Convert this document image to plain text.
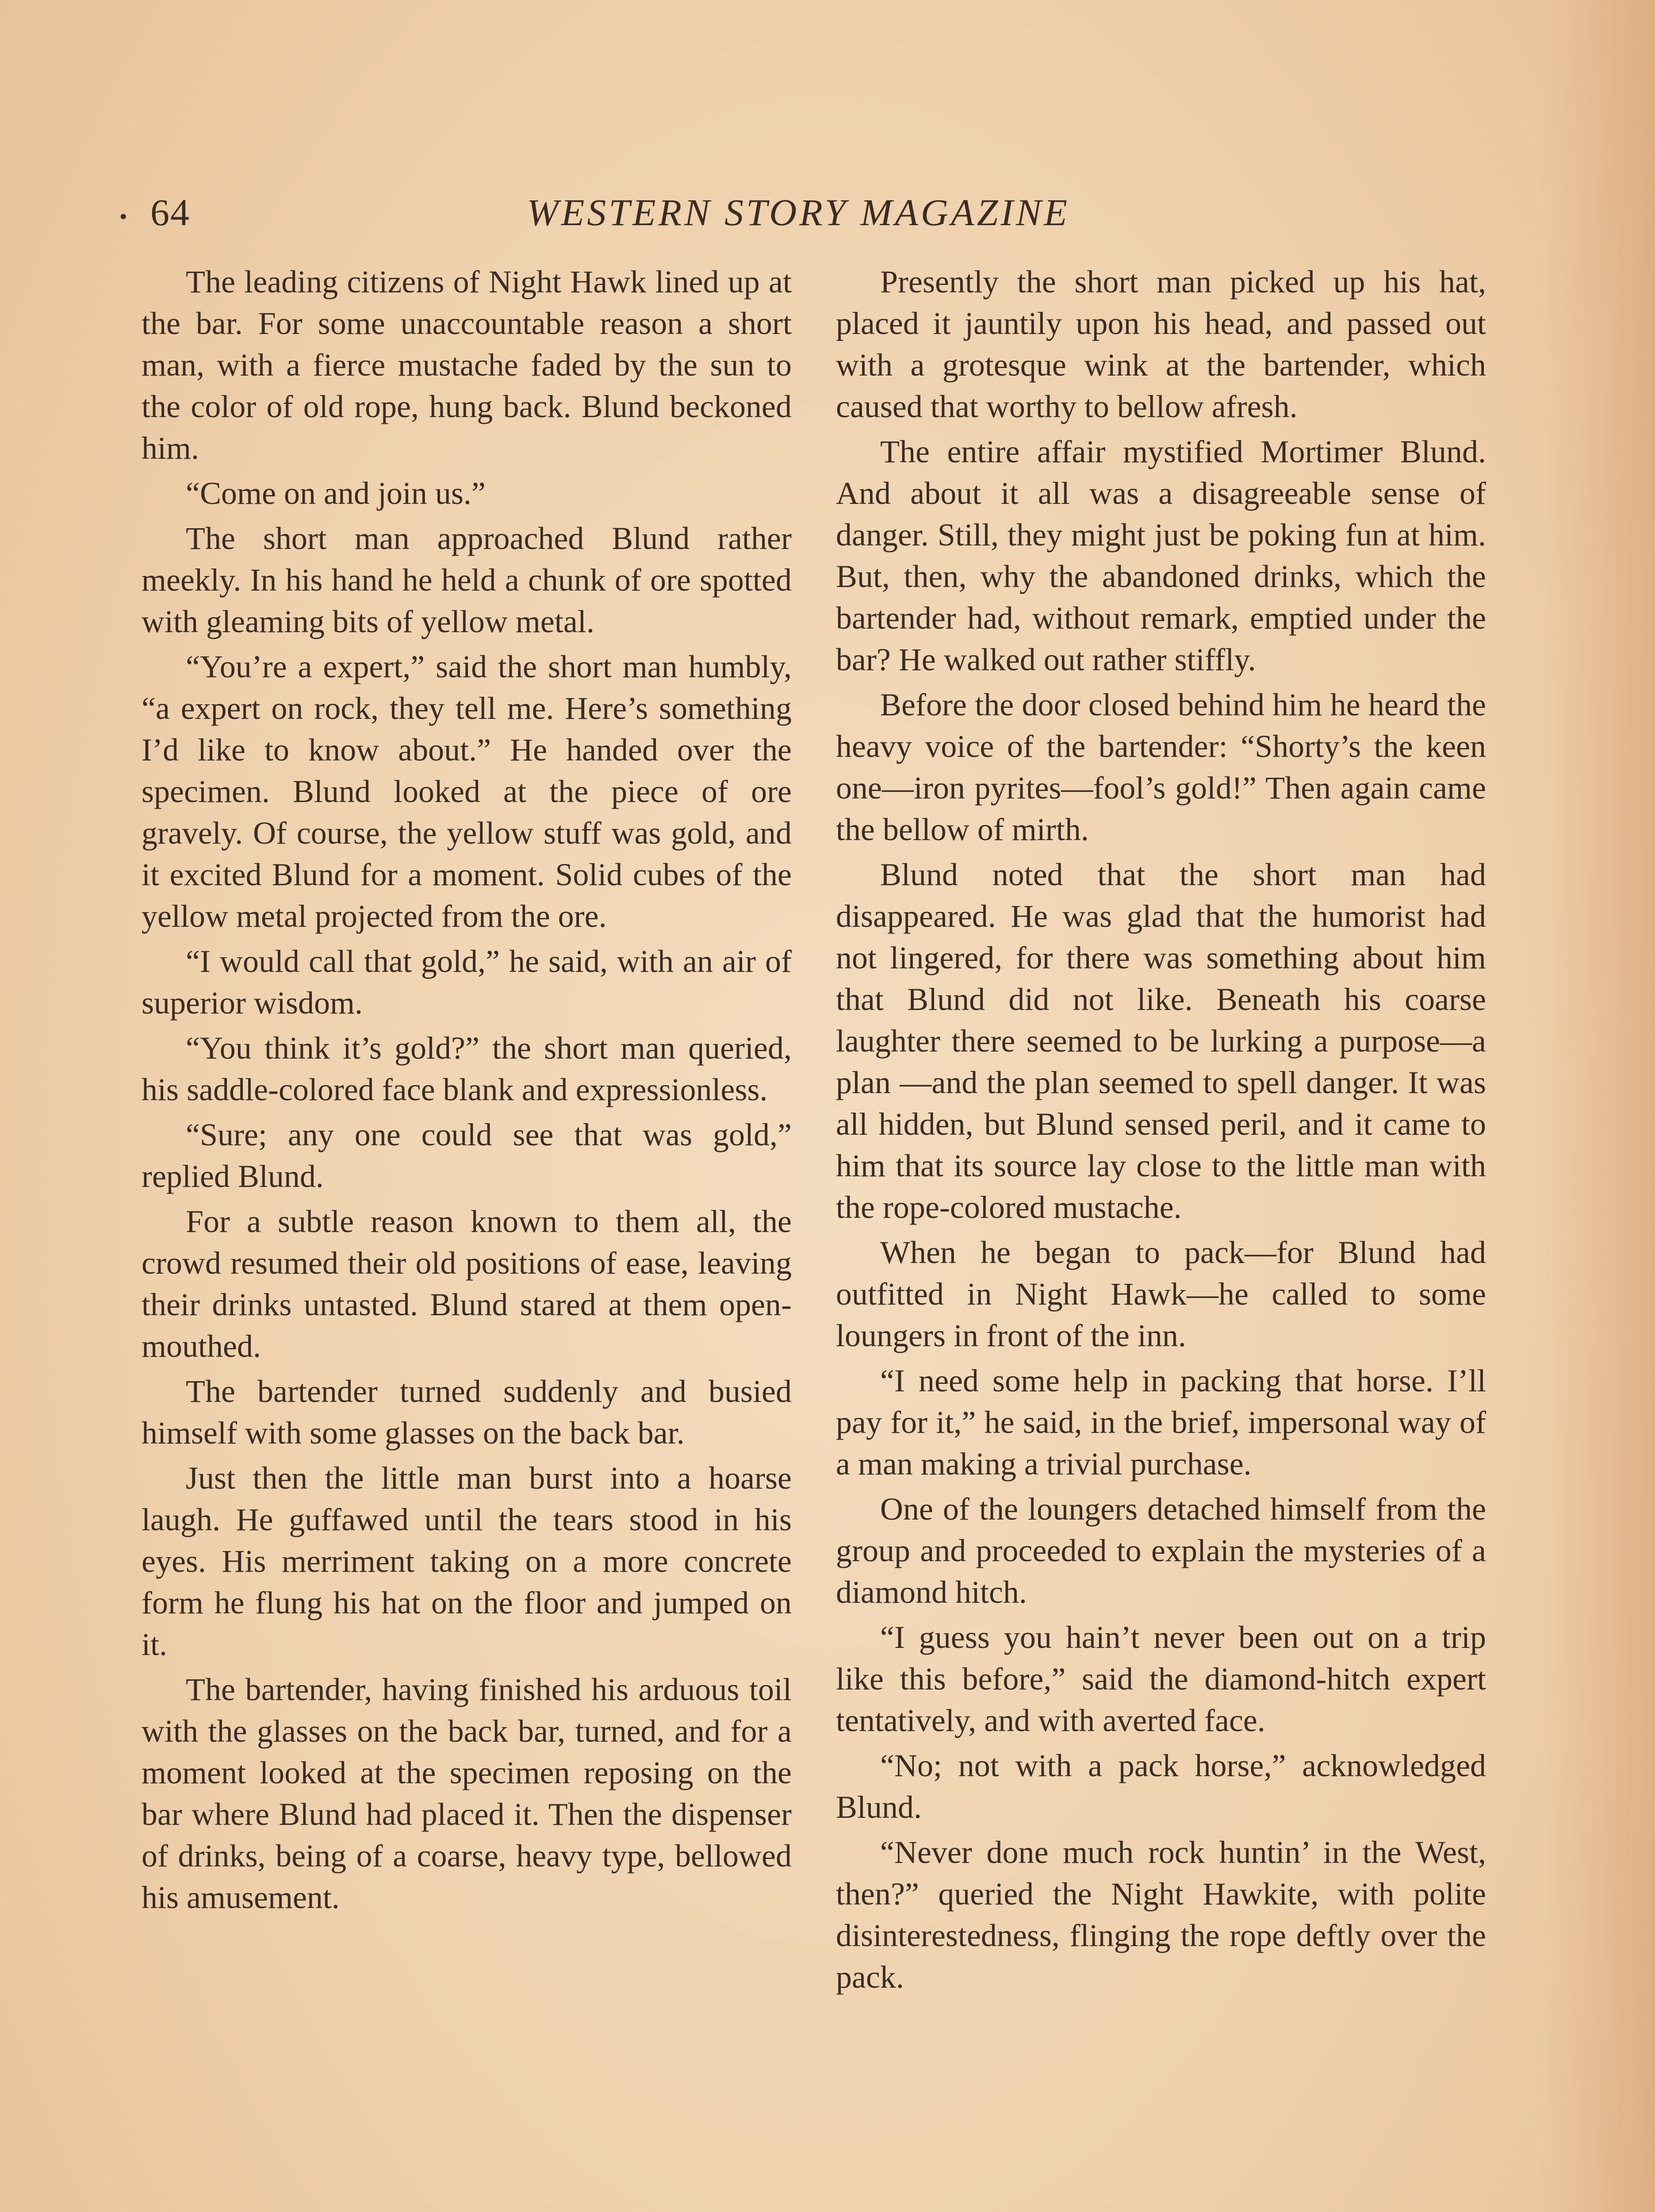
• 64	WESTERN STORY MAGAZINE

The leading citizens of Night Hawk lined up at the bar. For some unaccountable reason a short man, with a fierce mustache faded by the sun to the color of old rope, hung back. Blund beckoned him.

“Come on and join us.”

The short man approached Blund rather meekly. In his hand he held a chunk of ore spotted with gleaming bits of yellow metal.

“You’re a expert,” said the short man humbly, “a expert on rock, they tell me. Here’s something I’d like to know about.” He handed over the specimen. Blund looked at the piece of ore gravely. Of course, the yellow stuff was gold, and it excited Blund for a moment. Solid cubes of the yellow metal projected from the ore.

“I would call that gold,” he said, with an air of superior wisdom.

“You think it’s gold?” the short man queried, his saddle-colored face blank and expressionless.

“Sure; any one could see that was gold,” replied Blund.

For a subtle reason known to them all, the crowd resumed their old positions of ease, leaving their drinks untasted. Blund stared at them open-mouthed.

The bartender turned suddenly and busied himself with some glasses on the back bar.

Just then the little man burst into a hoarse laugh. He guffawed until the tears stood in his eyes. His merriment taking on a more concrete form he flung his hat on the floor and jumped on it.

The bartender, having finished his arduous toil with the glasses on the back bar, turned, and for a moment looked at the specimen reposing on the bar where Blund had placed it. Then the dispenser of drinks, being of a coarse, heavy type, bellowed his amusement.

Presently the short man picked up his hat, placed it jauntily upon his head, and passed out with a grotesque wink at the bartender, which caused that worthy to bellow afresh.

The entire affair mystified Mortimer Blund. And about it all was a disagreeable sense of danger. Still, they might just be poking fun at him. But, then, why the abandoned drinks, which the bartender had, without remark, emptied under the bar? He walked out rather stiffly.

Before the door closed behind him he heard the heavy voice of the bartender: “Shorty’s the keen one—iron pyrites—fool’s gold!” Then again came the bellow of mirth.

Blund noted that the short man had disappeared. He was glad that the humorist had not lingered, for there was something about him that Blund did not like. Beneath his coarse laughter there seemed to be lurking a purpose—a plan —and the plan seemed to spell danger. It was all hidden, but Blund sensed peril, and it came to him that its source lay close to the little man with the rope-colored mustache.

When he began to pack—for Blund had outfitted in Night Hawk—he called to some loungers in front of the inn.

“I need some help in packing that horse. I’ll pay for it,” he said, in the brief, impersonal way of a man making a trivial purchase.

One of the loungers detached himself from the group and proceeded to explain the mysteries of a diamond hitch.

“I guess you hain’t never been out on a trip like this before,” said the diamond-hitch expert tentatively, and with averted face.

“No; not with a pack horse,” acknowledged Blund.

“Never done much rock huntin’ in the West, then?” queried the Night Hawkite, with polite disinterestedness, flinging the rope deftly over the pack.
